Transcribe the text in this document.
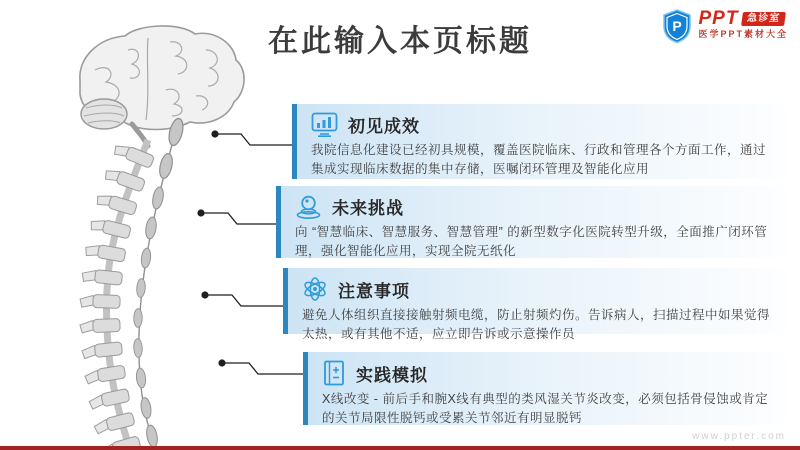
在此输入本页标题	P PPT 急诊室
医学PPT素材大全
初见成效
我院信息化建设已经初具规模，覆盖医院临床、行政和管理各个方面工作，通过集成实现临床数据的集中存储，医嘱闭环管理及智能化应用
未来挑战
向 “智慧临床、智慧服务、智慧管理” 的新型数字化医院转型升级，全面推广闭环管理，强化智能化应用，实现全院无纸化
注意事项
避免人体组织直接接触射频电缆，防止射频灼伤。告诉病人，扫描过程中如果觉得太热，或有其他不适，应立即告诉或示意操作员
实践模拟
X线改变 - 前后手和腕X线有典型的类风湿关节炎改变，必须包括骨侵蚀或肯定的关节局限性脱钙或受累关节邻近有明显脱钙
www.ppter.com
